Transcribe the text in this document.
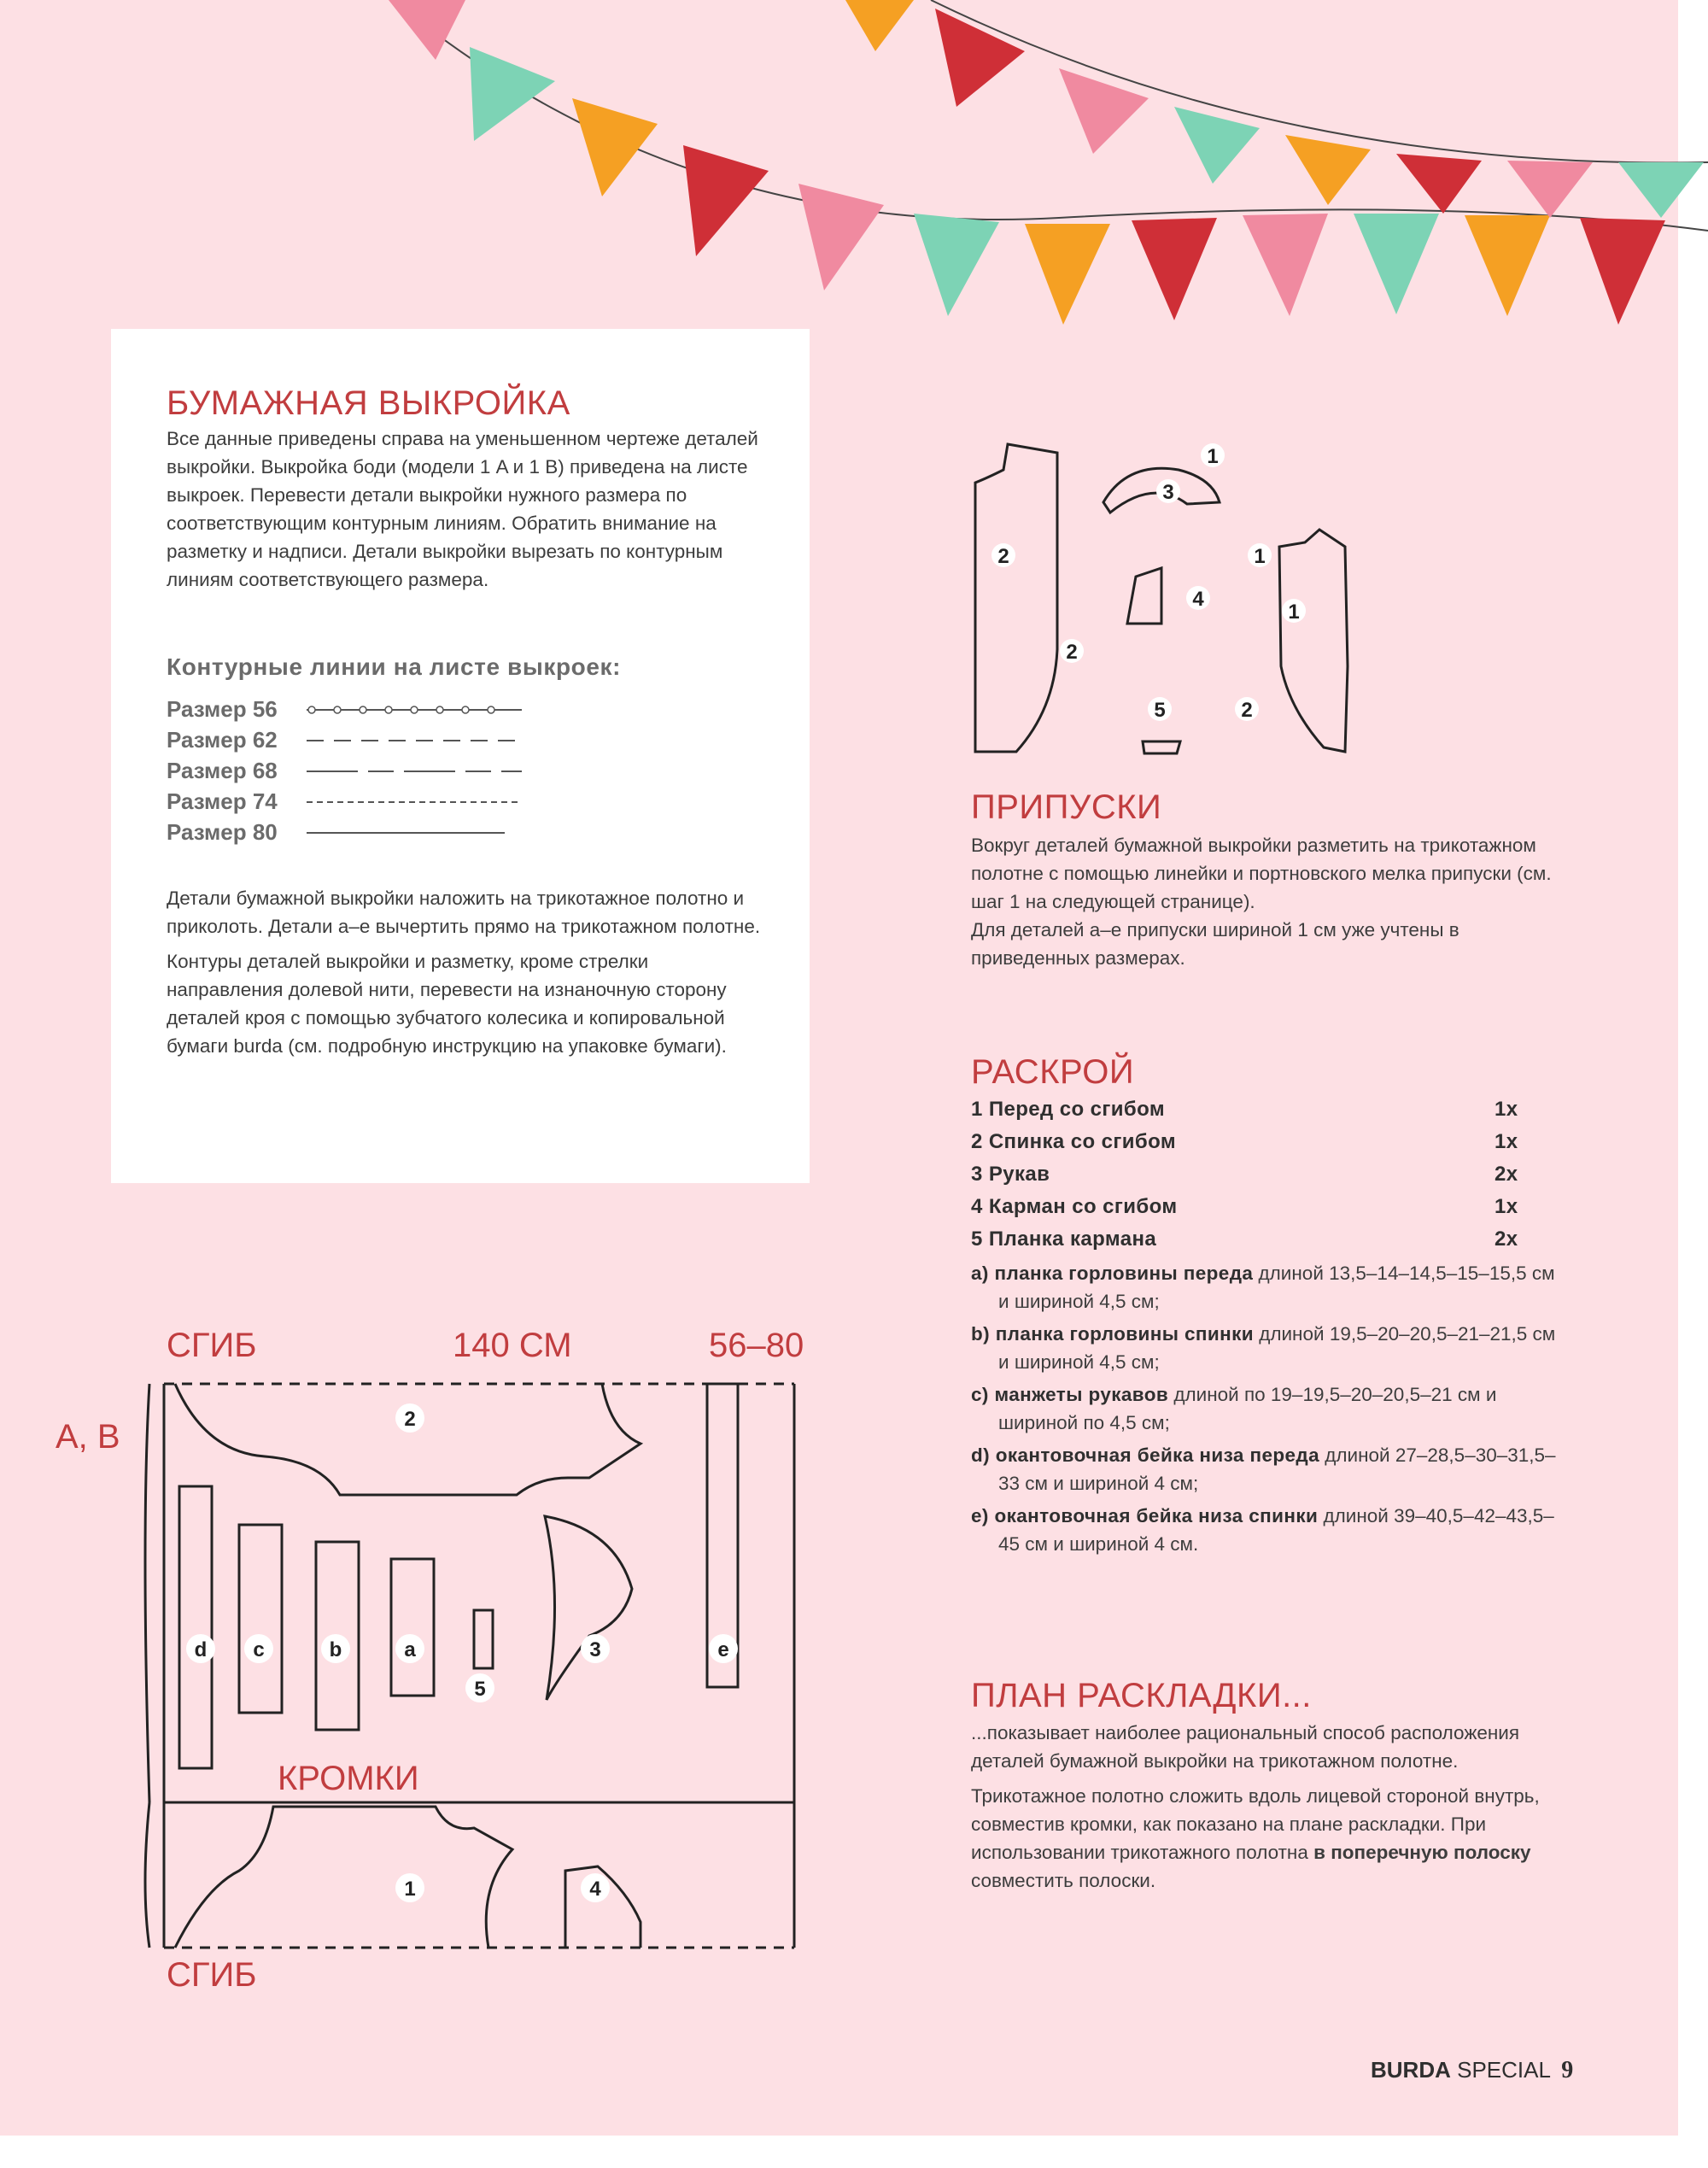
БУМАЖНАЯ ВЫКРОЙКА
Все данные приведены справа на уменьшенном чертеже деталей выкройки. Выкройка боди (модели 1 A и 1 B) приведена на листе выкроек. Перевести детали выкройки нужного размера по соответствующим контурным линиям. Обратить внимание на разметку и надписи. Детали выкройки вырезать по контурным линиям соответствующего размера.
Контурные линии на листе выкроек:
Размер 56
Размер 62
Размер 68
Размер 74
Размер 80

Детали бумажной выкройки наложить на трикотажное полотно и приколоть. Детали a–e вычертить прямо на трикотажном полотне.

Контуры деталей выкройки и разметку, кроме стрелки направления долевой нити, перевести на изнаночную сторону деталей кроя с помощью зубчатого колесика и копировальной бумаги burda (см. подробную инструкцию на упаковке бумаги).

1
3
2
4
2
1
1
5	2
ПРИПУСКИ

Вокруг деталей бумажной выкройки разметить на трикотажном полотне с помощью линейки и портновского мелка припуски (см. шаг 1 на следующей странице).

Для деталей a–e припуски шириной 1 см уже учтены в приведенных размерах.

РАСКРОЙ
1 Перед со сгибом	1x
2 Спинка со сгибом	1x
3 Рукав	2x
4 Карман со сгибом	1x
5 Планка кармана	2x
a) планка горловины переда длиной 13,5–14–14,5–15–15,5 см и шириной 4,5 см;
b) планка горловины спинки длиной 19,5–20–20,5–21–21,5 см и шириной 4,5 см;
c) манжеты рукавов длиной по 19–19,5–20–20,5–21 см и шириной по 4,5 см;
d) окантовочная бейка низа переда длиной 27–28,5–30–31,5–33 см и шириной 4 см;
e) окантовочная бейка низа спинки длиной 39–40,5–42–43,5–45 см и шириной 4 см.
ПЛАН РАСКЛАДКИ...

...показывает наиболее рациональный способ расположения деталей бумажной выкройки на трикотажном полотне.

Трикотажное полотно сложить вдоль лицевой стороной внутрь, совместив кромки, как показано на плане раскладки. При использовании трикотажного полотна в поперечную полоску совместить полоски.

СГИБ	140 СМ	56–80
A, B
КРОМКИ
СГИБ
2
d c	b	a	3	e
5
1	4
BURDA SPECIAL 9
